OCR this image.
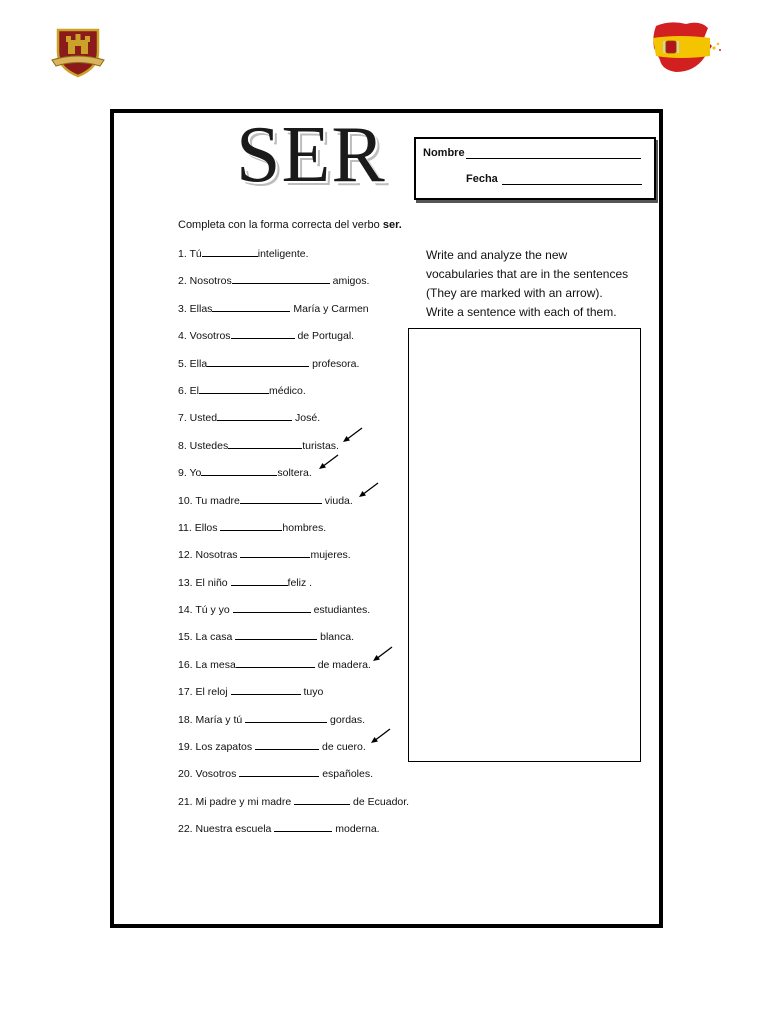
SER	Nombre
Fecha
Completa con la forma correcta del verbo ser.
1. Tú	inteligente.
2. Nosotros	amigos.
3. Ellas	María y Carmen
4. Vosotros	de Portugal.
5. Ella	profesora.
6. El	médico.
7. Usted	José.
8. Ustedes	turistas.
9. Yo	soltera.
10. Tu madre	viuda.
11. Ellos	hombres.
12. Nosotras	mujeres.
13. El niño	feliz .
14. Tú y yo	estudiantes.
15. La casa	blanca.
16. La mesa	de madera.
17. El reloj	tuyo
18. María y tú	gordas.
19. Los zapatos	de cuero.
20. Vosotros	españoles.
21. Mi padre y mi madre	de Ecuador.
22. Nuestra escuela	moderna.
Write and analyze the new
vocabularies that are in the sentences
(They are marked with an arrow).
Write a sentence with each of them.
